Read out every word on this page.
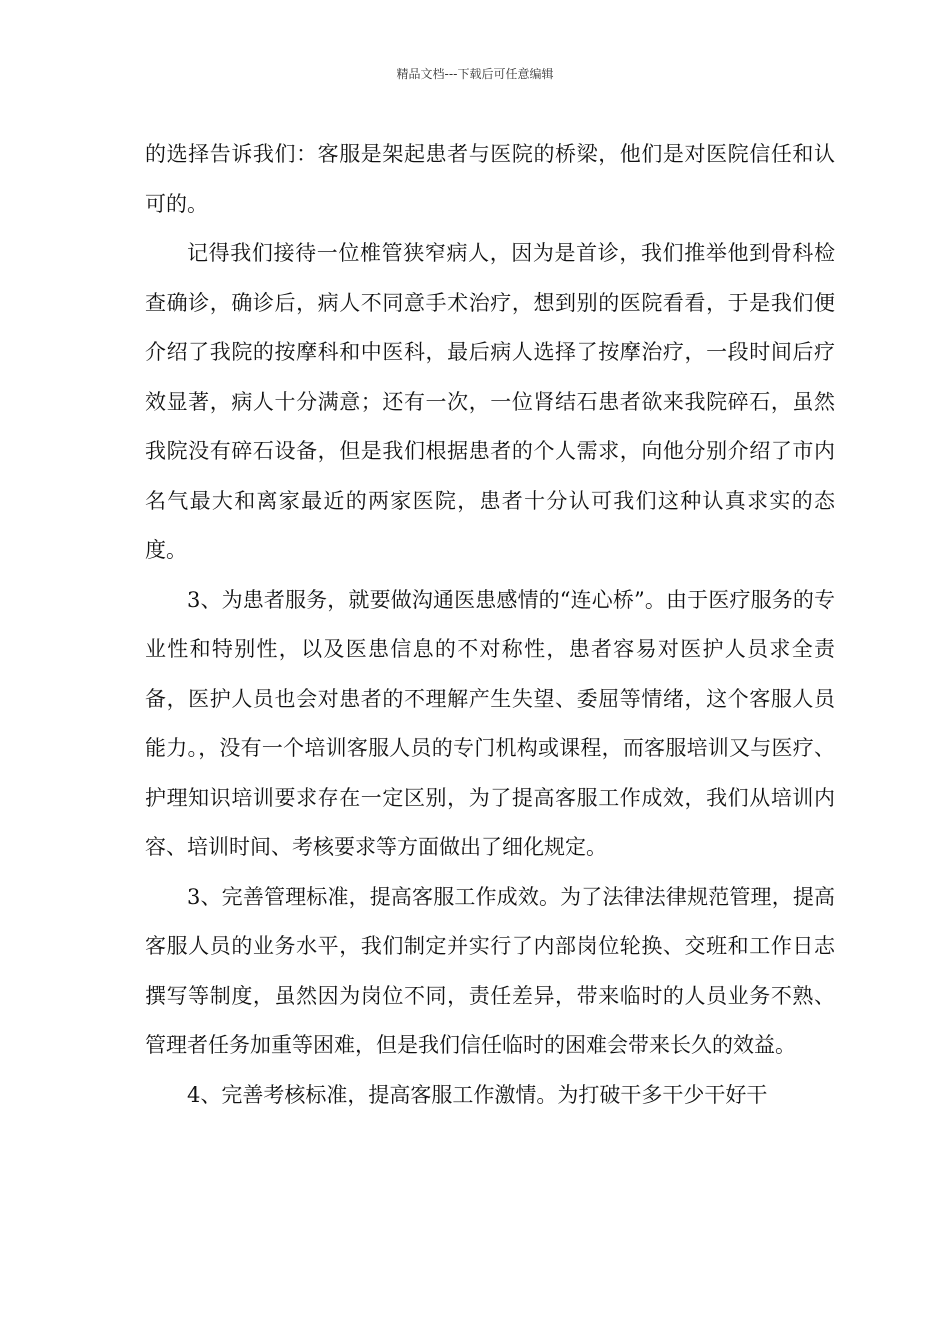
精品文档---下载后可任意编辑

的选择告诉我们：客服是架起患者与医院的桥梁，他们是对医院信任和认可的。

记得我们接待一位椎管狭窄病人，因为是首诊，我们推举他到骨科检查确诊，确诊后，病人不同意手术治疗，想到别的医院看看，于是我们便介绍了我院的按摩科和中医科，最后病人选择了按摩治疗，一段时间后疗效显著，病人十分满意；还有一次，一位肾结石患者欲来我院碎石，虽然我院没有碎石设备，但是我们根据患者的个人需求，向他分别介绍了市内名气最大和离家最近的两家医院，患者十分认可我们这种认真求实的态度。

3、为患者服务，就要做沟通医患感情的“连心桥”。由于医疗服务的专业性和特别性，以及医患信息的不对称性，患者容易对医护人员求全责备，医护人员也会对患者的不理解产生失望、委屈等情绪，这个客服人员能力。，没有一个培训客服人员的专门机构或课程，而客服培训又与医疗、护理知识培训要求存在一定区别，为了提高客服工作成效，我们从培训内容、培训时间、考核要求等方面做出了细化规定。

3、完善管理标准，提高客服工作成效。为了法律法律规范管理，提高客服人员的业务水平，我们制定并实行了内部岗位轮换、交班和工作日志撰写等制度，虽然因为岗位不同，责任差异，带来临时的人员业务不熟、管理者任务加重等困难，但是我们信任临时的困难会带来长久的效益。

4、完善考核标准，提高客服工作激情。为打破干多干少干好干
